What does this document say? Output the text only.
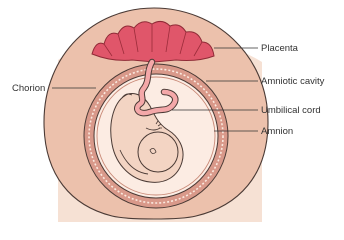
Placenta
Amniotic cavity
Chorion
Umbilical cord
Amnion
